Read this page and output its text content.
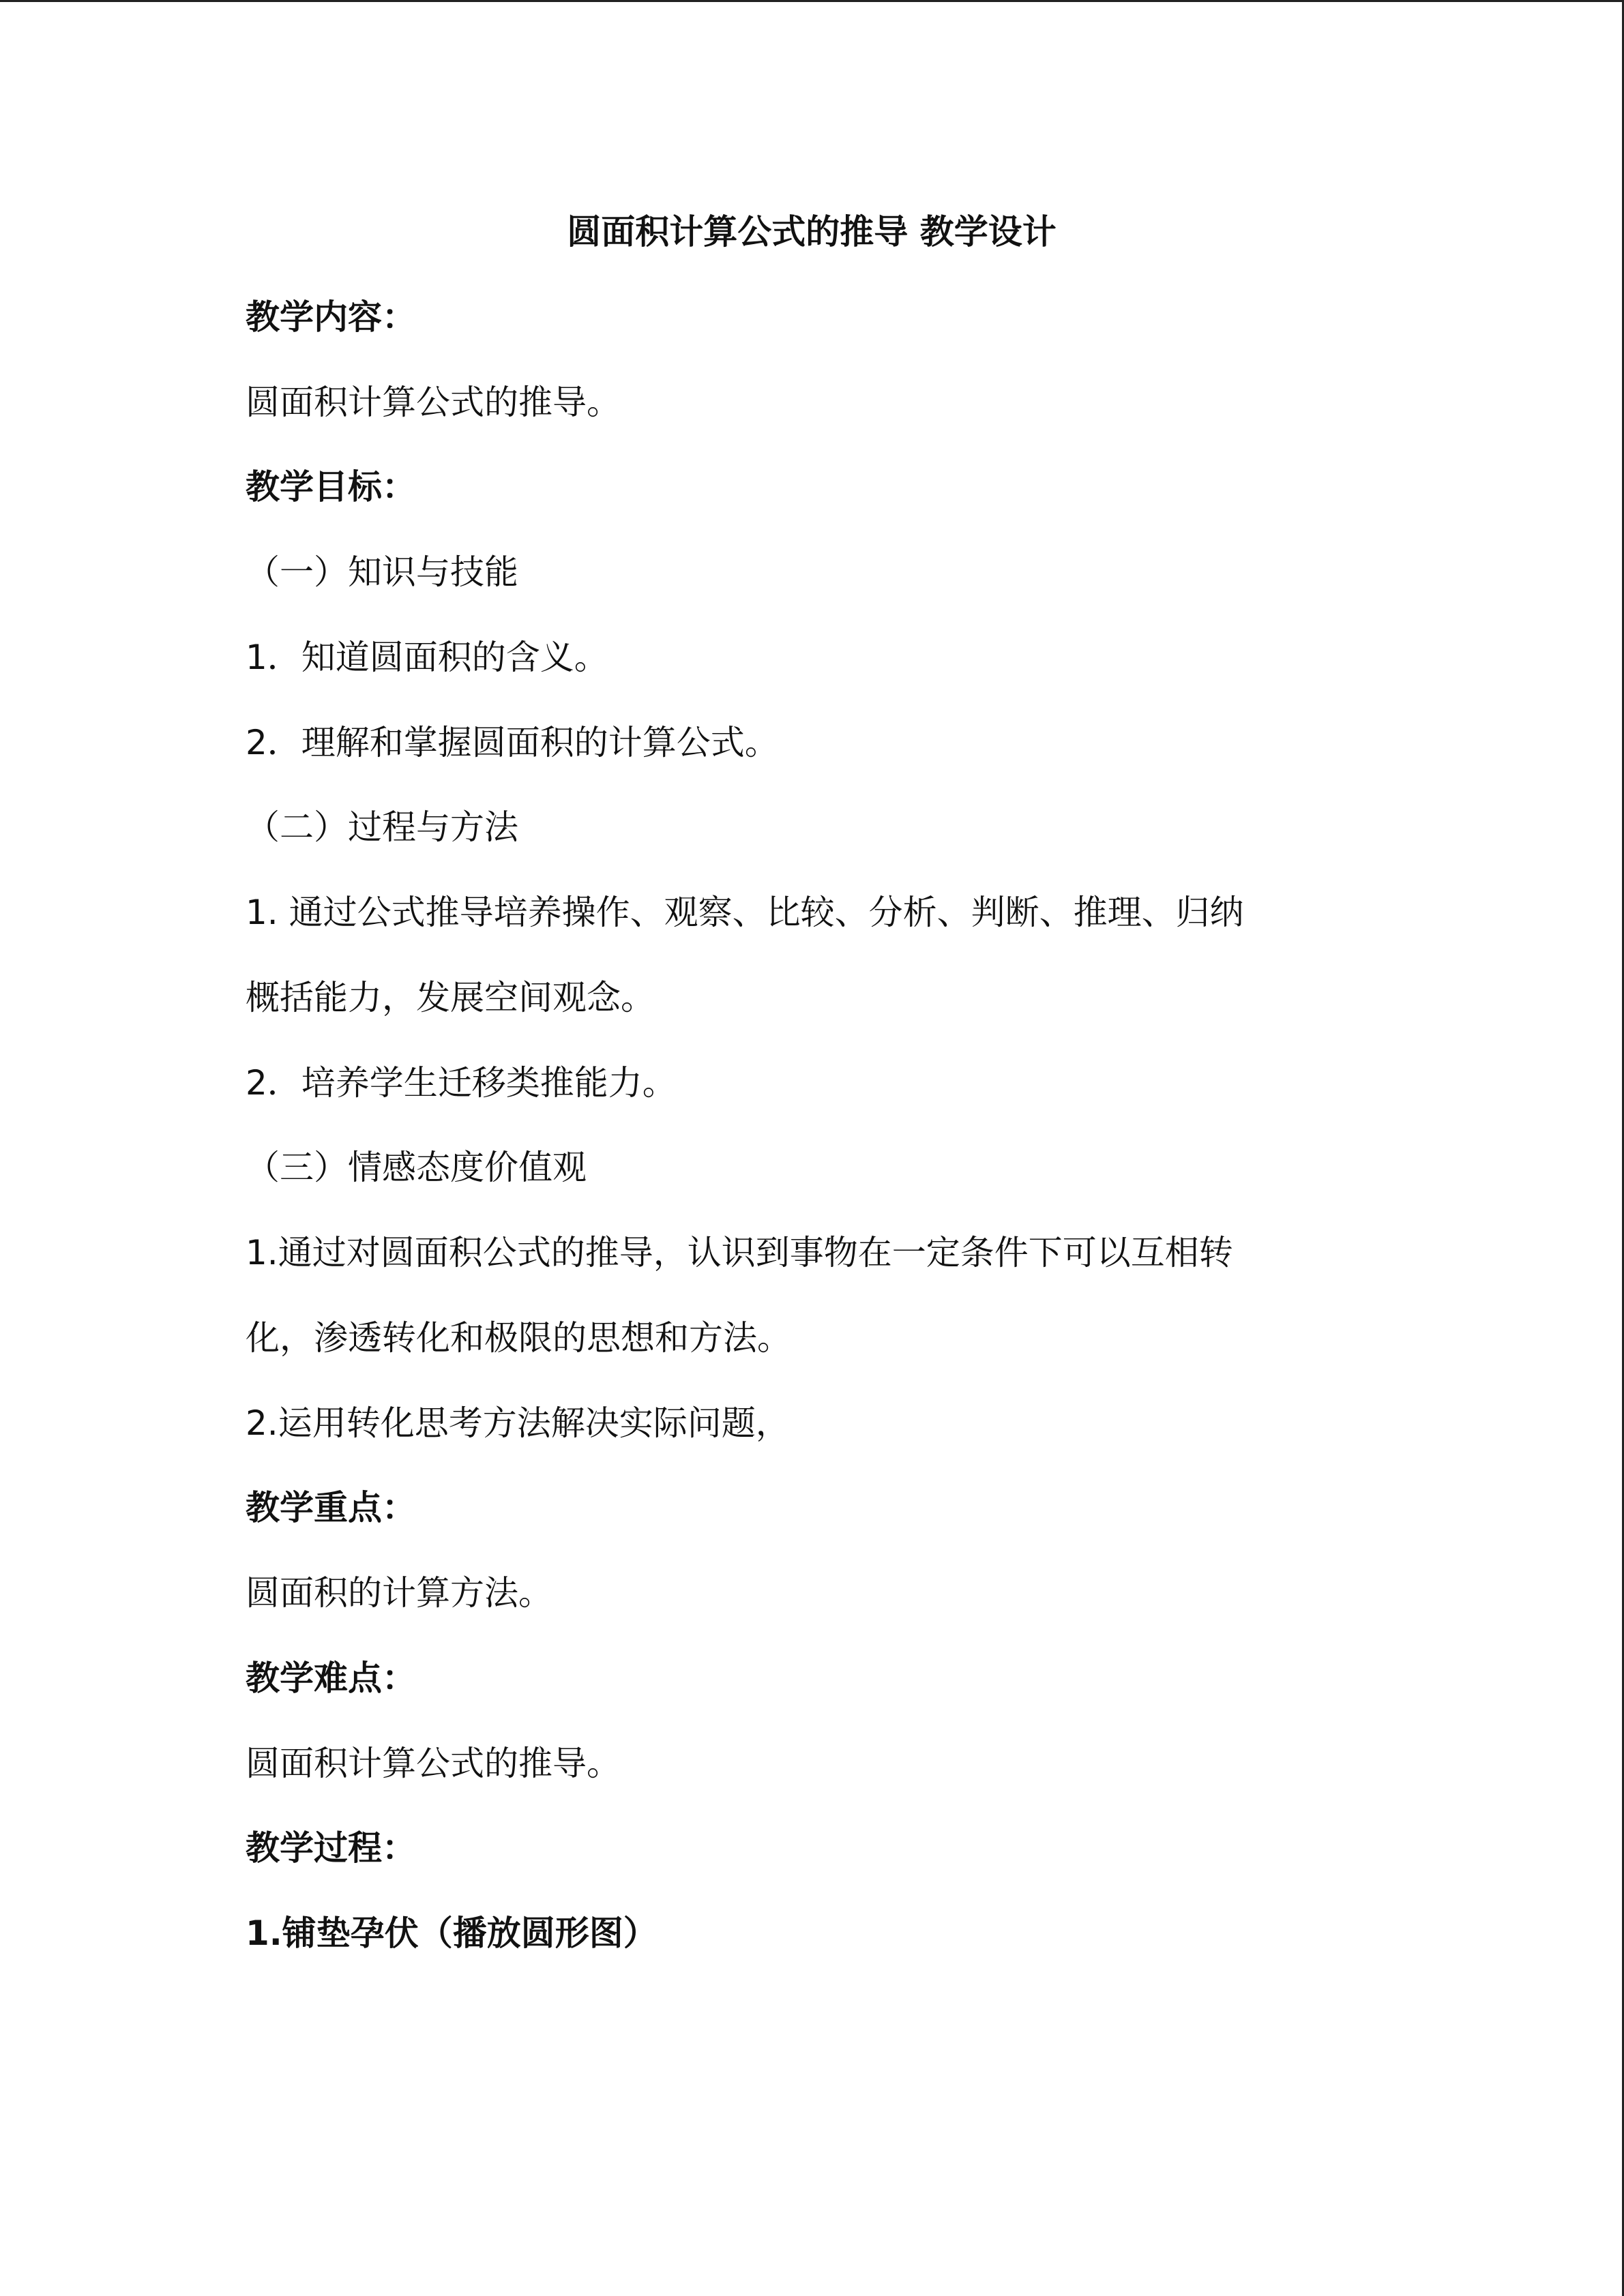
圆面积计算公式的推导 教学设计
教学内容：
圆面积计算公式的推导。
教学目标：
（一）知识与技能
1．知道圆面积的含义。
2．理解和掌握圆面积的计算公式。
（二）过程与方法
1. 通过公式推导培养操作、观察、比较、分析、判断、推理、归纳
概括能力，发展空间观念。
2．培养学生迁移类推能力。
（三）情感态度价值观
1.通过对圆面积公式的推导，认识到事物在一定条件下可以互相转
化，渗透转化和极限的思想和方法。
2.运用转化思考方法解决实际问题，
教学重点：
圆面积的计算方法。
教学难点：
圆面积计算公式的推导。
教学过程：
1.铺垫孕伏（播放圆形图）
